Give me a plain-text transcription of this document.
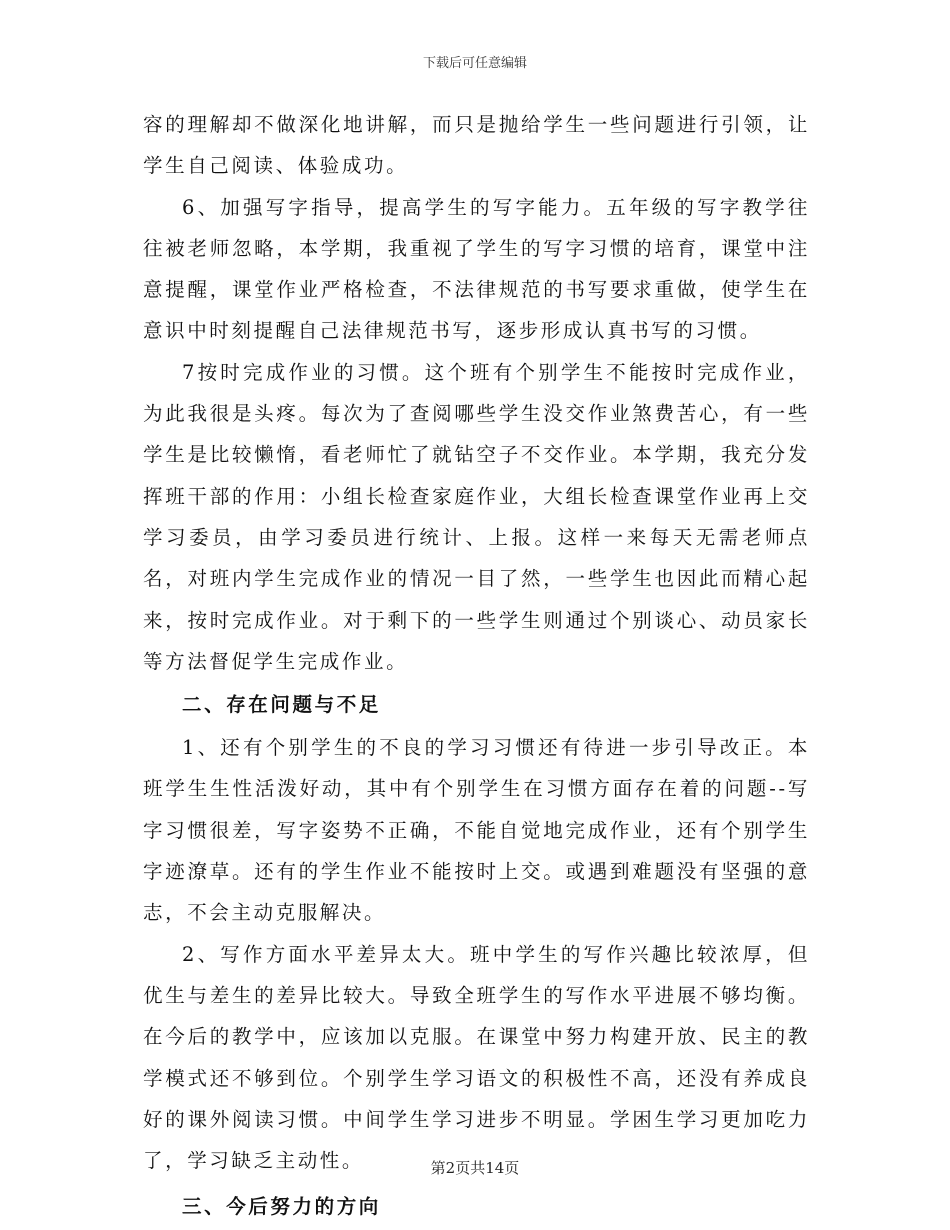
下载后可任意编辑

容的理解却不做深化地讲解，而只是抛给学生一些问题进行引领，让学生自己阅读、体验成功。

6、加强写字指导，提高学生的写字能力。五年级的写字教学往往被老师忽略，本学期，我重视了学生的写字习惯的培育，课堂中注意提醒，课堂作业严格检查，不法律规范的书写要求重做，使学生在意识中时刻提醒自己法律规范书写，逐步形成认真书写的习惯。

7按时完成作业的习惯。这个班有个别学生不能按时完成作业，为此我很是头疼。每次为了查阅哪些学生没交作业煞费苦心，有一些学生是比较懒惰，看老师忙了就钻空子不交作业。本学期，我充分发挥班干部的作用：小组长检查家庭作业，大组长检查课堂作业再上交学习委员，由学习委员进行统计、上报。这样一来每天无需老师点名，对班内学生完成作业的情况一目了然，一些学生也因此而精心起来，按时完成作业。对于剩下的一些学生则通过个别谈心、动员家长等方法督促学生完成作业。

二、存在问题与不足

1、还有个别学生的不良的学习习惯还有待进一步引导改正。本班学生生性活泼好动，其中有个别学生在习惯方面存在着的问题--写字习惯很差，写字姿势不正确，不能自觉地完成作业，还有个别学生字迹潦草。还有的学生作业不能按时上交。或遇到难题没有坚强的意志，不会主动克服解决。

2、写作方面水平差异太大。班中学生的写作兴趣比较浓厚，但优生与差生的差异比较大。导致全班学生的写作水平进展不够均衡。在今后的教学中，应该加以克服。在课堂中努力构建开放、民主的教学模式还不够到位。个别学生学习语文的积极性不高，还没有养成良好的课外阅读习惯。中间学生学习进步不明显。学困生学习更加吃力了，学习缺乏主动性。

三、今后努力的方向

第2页共14页
